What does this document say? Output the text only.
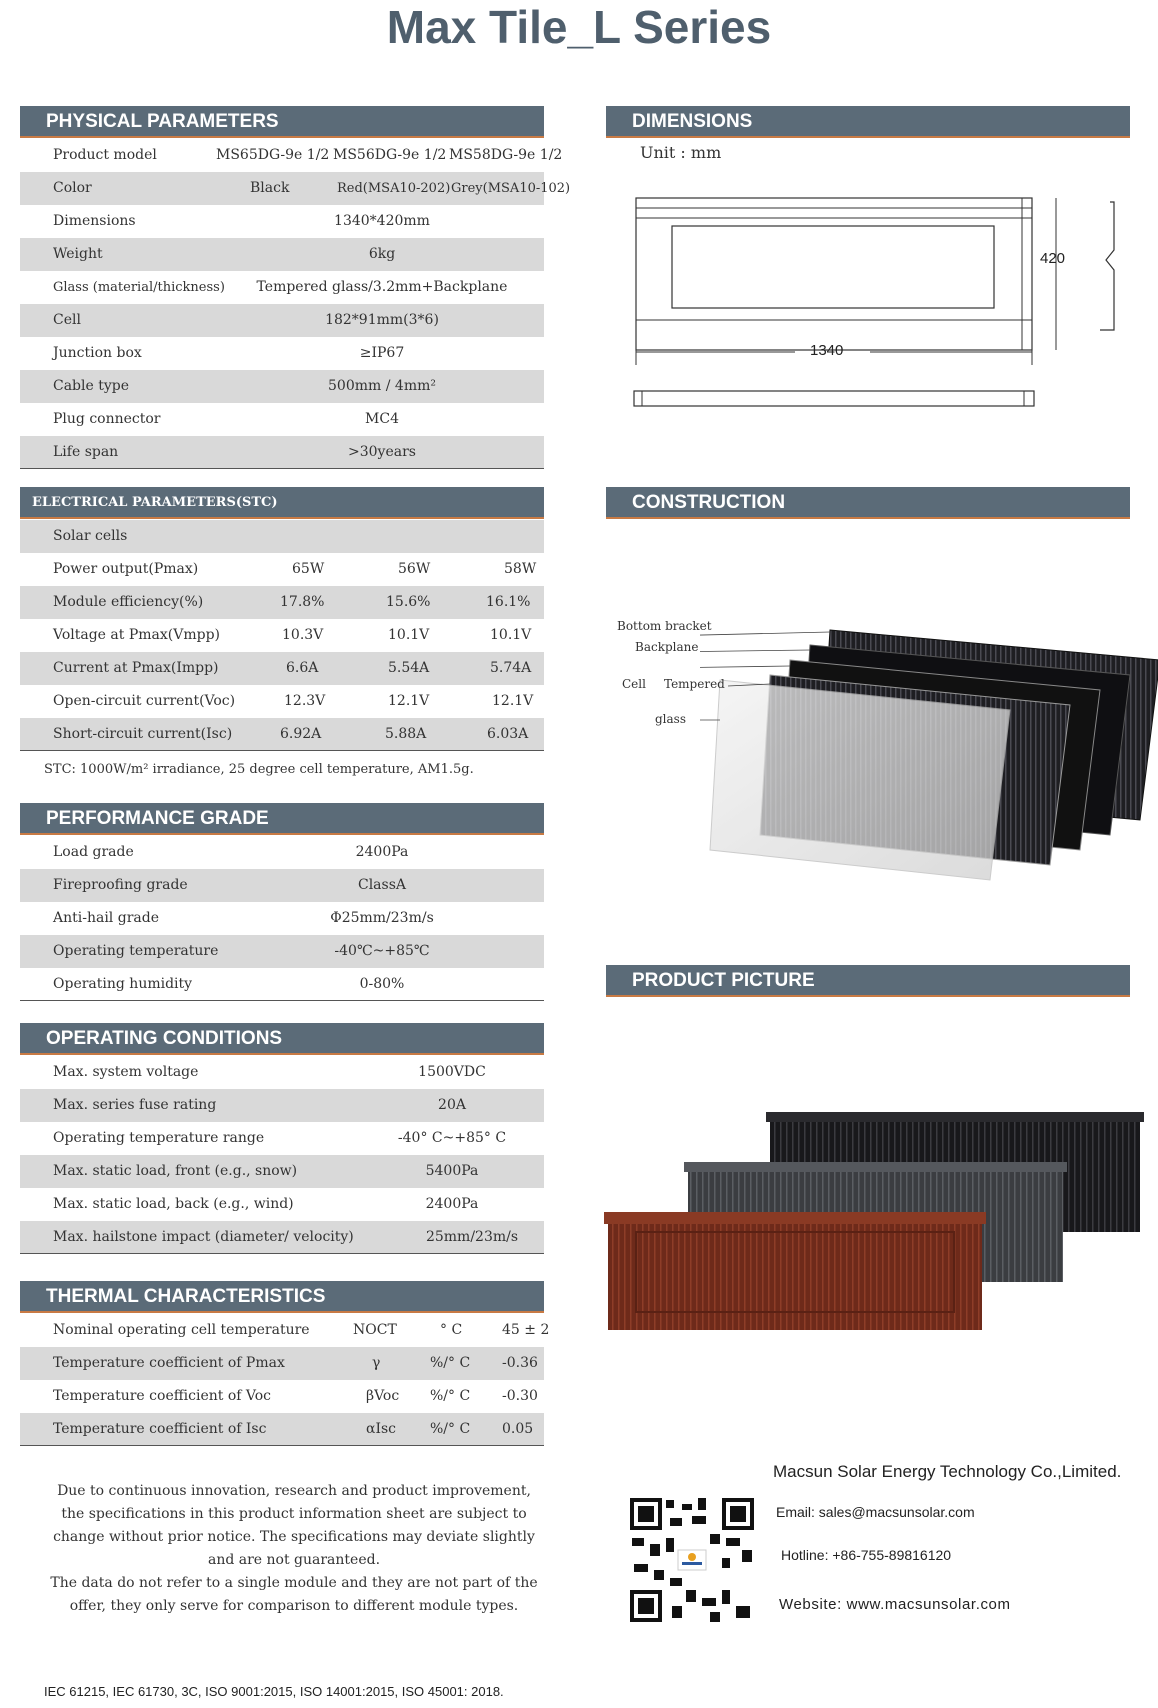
Max Tile_L Series
PHYSICAL PARAMETERS
Product model	MS65DG-9e 1/2 MS56DG-9e 1/2 MS58DG-9e 1/2
Color	Black	Red(MSA10-202) Grey(MSA10-102)
Dimensions	1340*420mm
Weight	6kg
Glass (material/thickness)	Tempered glass/3.2mm+Backplane
Cell	182*91mm(3*6)
Junction box	≥IP67
Cable type	500mm / 4mm²
Plug connector	MC4
Life span	>30years
ELECTRICAL PARAMETERS(STC)
Solar cells
Power output(Pmax)	65W	56W	58W
Module efficiency(%)	17.8%	15.6%	16.1%
Voltage at Pmax(Vmpp)	10.3V	10.1V	10.1V
Current at Pmax(Impp)	6.6A	5.54A	5.74A
Open-circuit current(Voc)	12.3V	12.1V	12.1V
Short-circuit current(Isc)	6.92A	5.88A	6.03A
STC: 1000W/m² irradiance, 25 degree cell temperature, AM1.5g.
PERFORMANCE GRADE
Load grade	2400Pa
Fireproofing grade	ClassA
Anti-hail grade	Φ25mm/23m/s
Operating temperature	-40℃~+85℃
Operating humidity	0-80%
OPERATING CONDITIONS
Max. system voltage	1500VDC
Max. series fuse rating	20A
Operating temperature range	-40° C~+85° C
Max. static load, front (e.g., snow)	5400Pa
Max. static load, back (e.g., wind)	2400Pa
Max. hailstone impact (diameter/ velocity)	25mm/23m/s
THERMAL CHARACTERISTICS
Nominal operating cell temperature	NOCT	° C	45 ± 2
Temperature coefficient of Pmax	γ	%/° C -0.36
Temperature coefficient of Voc	βVoc %/° C -0.30
Temperature coefficient of Isc	αIsc %/° C 0.05
Due to continuous innovation, research and product improvement,
the specifications in this product information sheet are subject to
change without prior notice. The specifications may deviate slightly
and are not guaranteed.
The data do not refer to a single module and they are not part of the
offer, they only serve for comparison to different module types.
IEC 61215, IEC 61730, 3C, ISO 9001:2015, ISO 14001:2015, ISO 45001: 2018.
DIMENSIONS
Unit : mm
420
1340
CONSTRUCTION
Bottom bracket
Backplane
Cell Tempered
glass
PRODUCT PICTURE
Macsun Solar Energy Technology Co.,Limited.
Email: sales@macsunsolar.com
Hotline: +86-755-89816120
Website: www.macsunsolar.com
